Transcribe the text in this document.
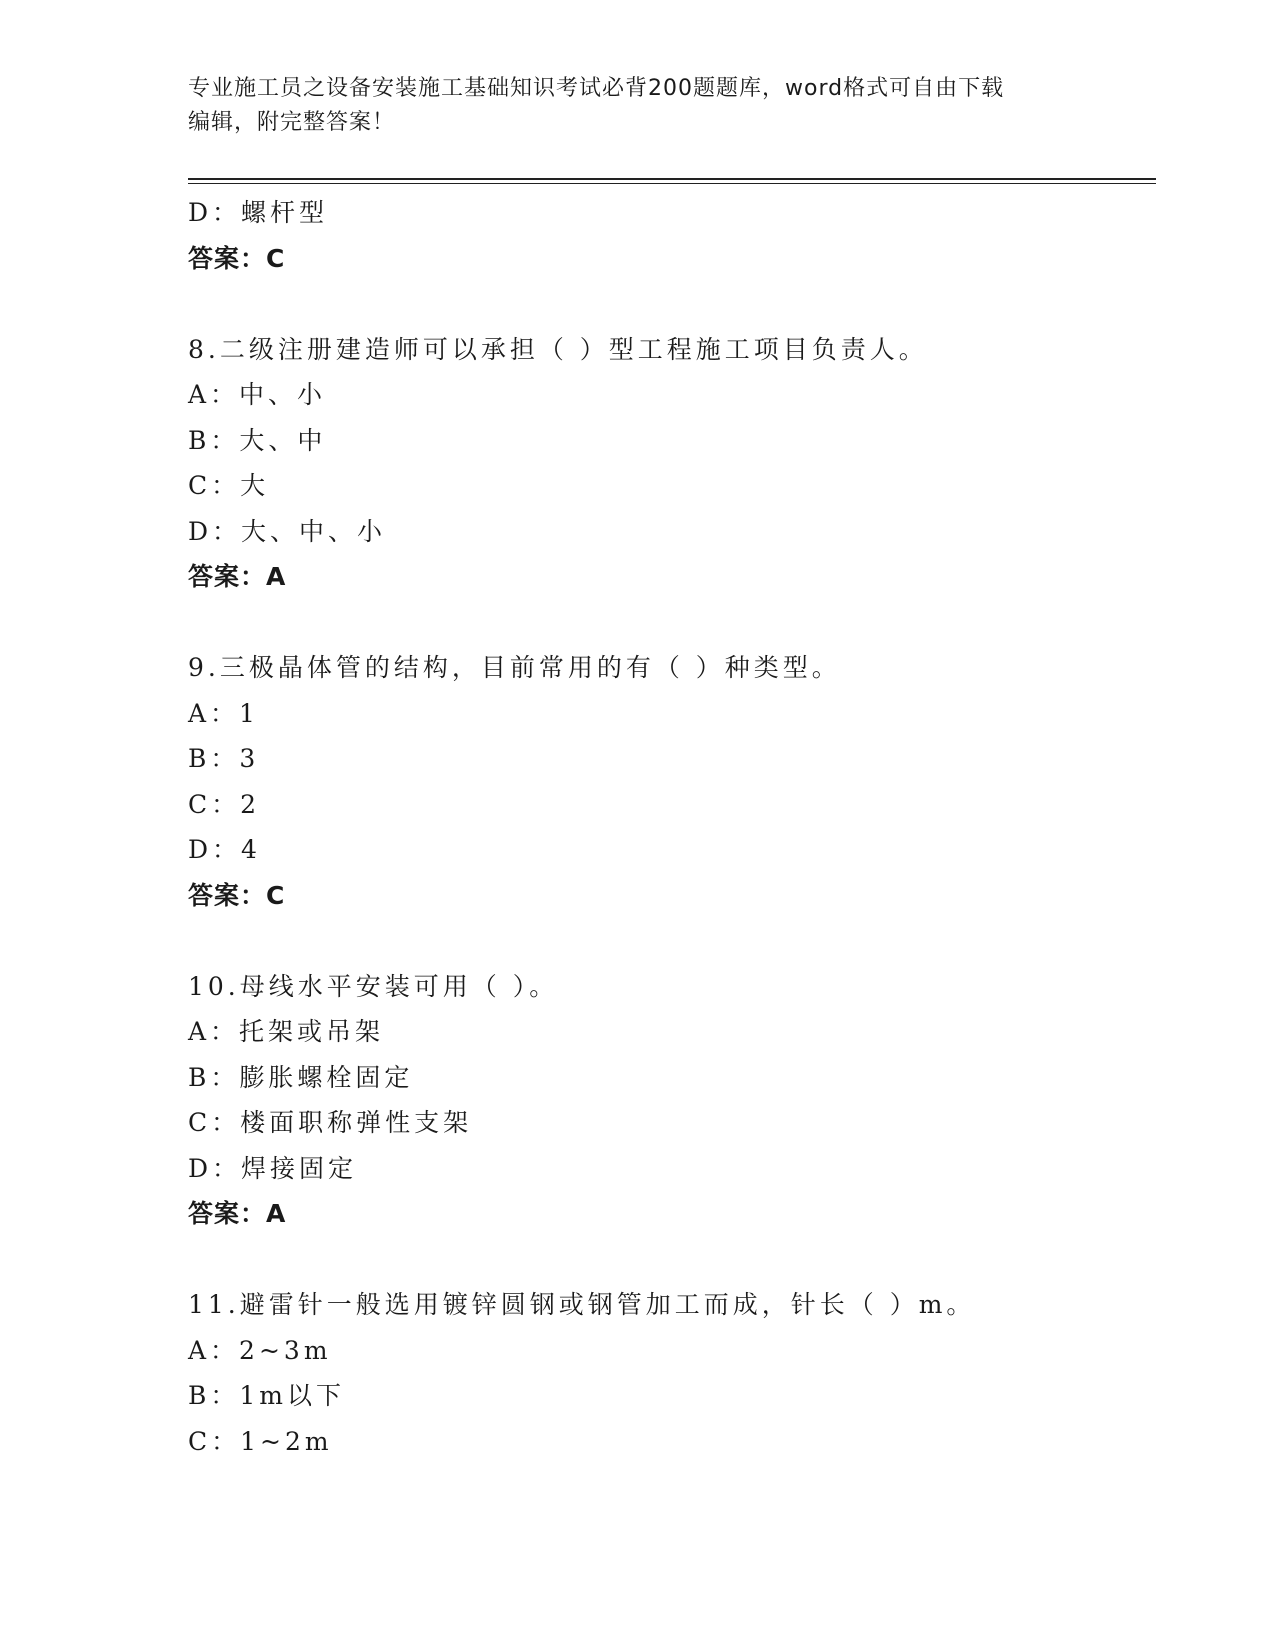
专业施工员之设备安装施工基础知识考试必背200题题库，word格式可自由下载
编辑，附完整答案！
D：螺杆型
答案：C
8.二级注册建造师可以承担（ ）型工程施工项目负责人。
A：中、小
B：大、中
C：大
D：大、中、小
答案：A
9.三极晶体管的结构，目前常用的有（ ）种类型。
A：1
B：3
C：2
D：4
答案：C
10.母线水平安装可用（ ）。
A：托架或吊架
B：膨胀螺栓固定
C：楼面职称弹性支架
D：焊接固定
答案：A
11.避雷针一般选用镀锌圆钢或钢管加工而成，针长（ ）m。
A：2~3m
B：1m以下
C：1~2m
